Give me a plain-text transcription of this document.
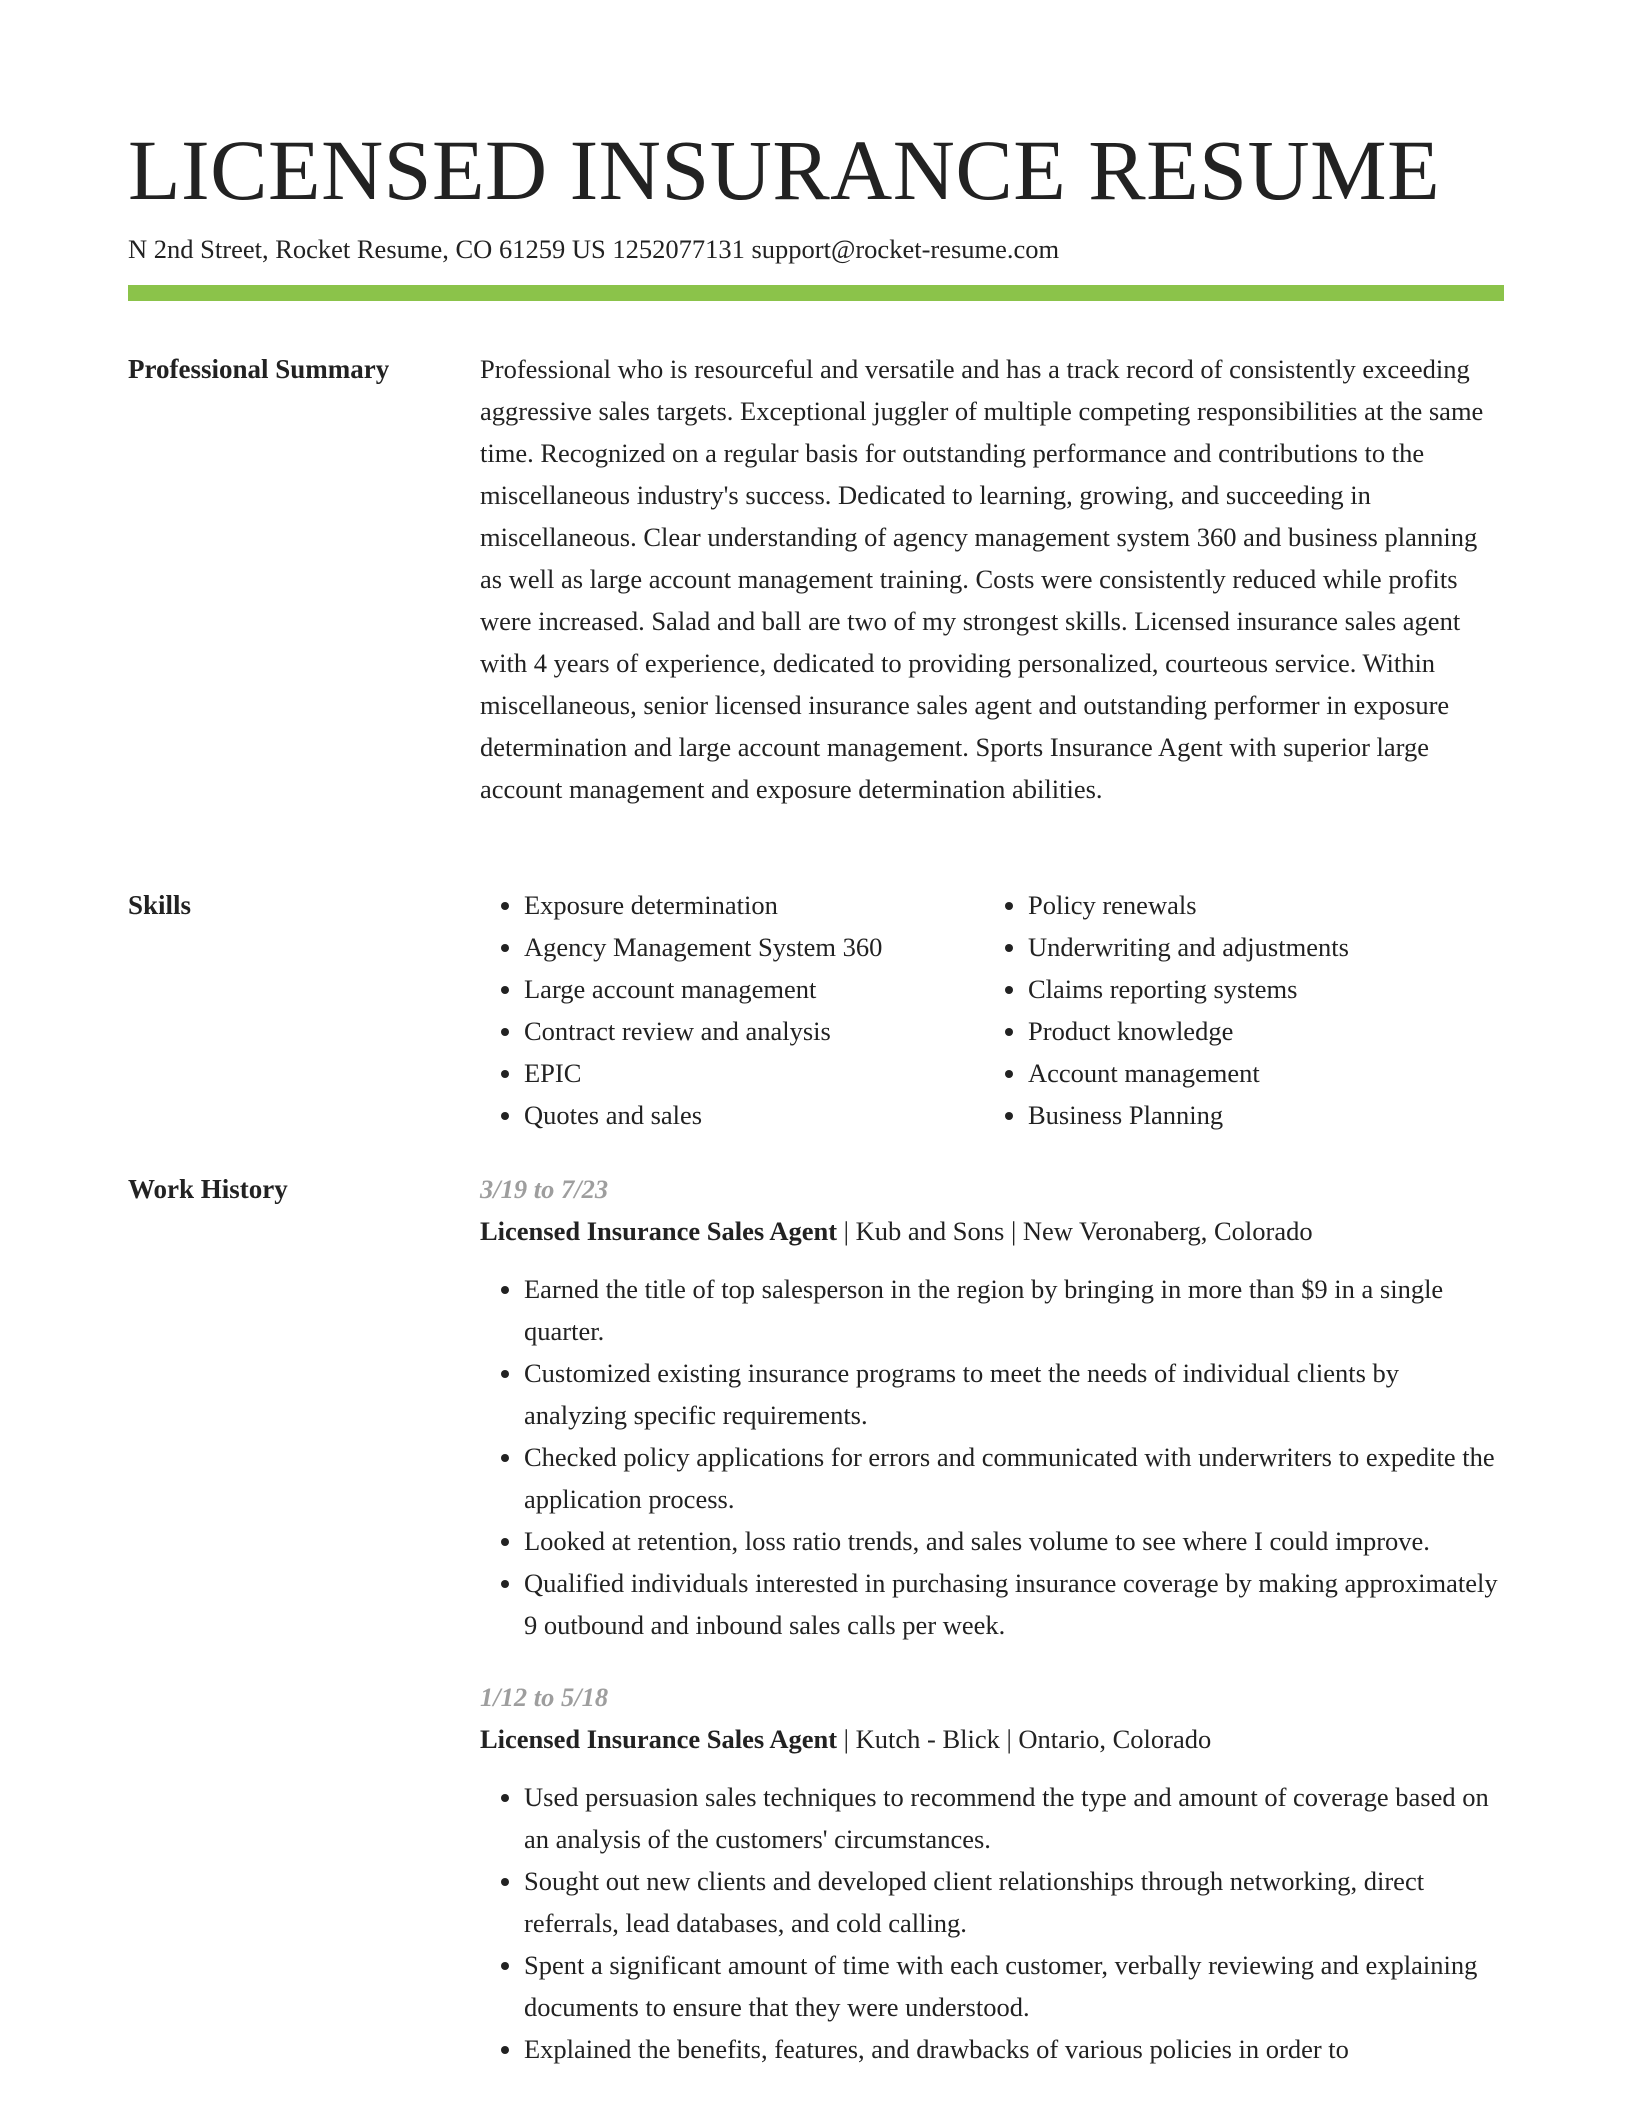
LICENSED INSURANCE RESUME
N 2nd Street, Rocket Resume, CO 61259 US 1252077131 support@rocket-resume.com
Professional Summary	Professional who is resourceful and versatile and has a track record of consistently exceeding aggressive sales targets. Exceptional juggler of multiple competing responsibilities at the same time. Recognized on a regular basis for outstanding performance and contributions to the miscellaneous industry's success. Dedicated to learning, growing, and succeeding in miscellaneous. Clear understanding of agency management system 360 and business planning as well as large account management training. Costs were consistently reduced while profits were increased. Salad and ball are two of my strongest skills. Licensed insurance sales agent with 4 years of experience, dedicated to providing personalized, courteous service. Within miscellaneous, senior licensed insurance sales agent and outstanding performer in exposure determination and large account management. Sports Insurance Agent with superior large account management and exposure determination abilities.

Skills	• Exposure determination
• Agency Management System 360
• Large account management
• Contract review and analysis
• EPIC
• Quotes and sales
• Policy renewals
• Underwriting and adjustments
• Claims reporting systems
• Product knowledge
• Account management
• Business Planning
Work History	3/19 to 7/23
Licensed Insurance Sales Agent | Kub and Sons | New Veronaberg, Colorado
• Earned the title of top salesperson in the region by bringing in more than $9 in a single quarter.
• Customized existing insurance programs to meet the needs of individual clients by analyzing specific requirements.
• Checked policy applications for errors and communicated with underwriters to expedite the application process.
• Looked at retention, loss ratio trends, and sales volume to see where I could improve.
• Qualified individuals interested in purchasing insurance coverage by making approximately 9 outbound and inbound sales calls per week.
1/12 to 5/18
Licensed Insurance Sales Agent | Kutch - Blick | Ontario, Colorado
• Used persuasion sales techniques to recommend the type and amount of coverage based on an analysis of the customers' circumstances.
• Sought out new clients and developed client relationships through networking, direct referrals, lead databases, and cold calling.
• Spent a significant amount of time with each customer, verbally reviewing and explaining documents to ensure that they were understood.
• Explained the benefits, features, and drawbacks of various policies in order to
